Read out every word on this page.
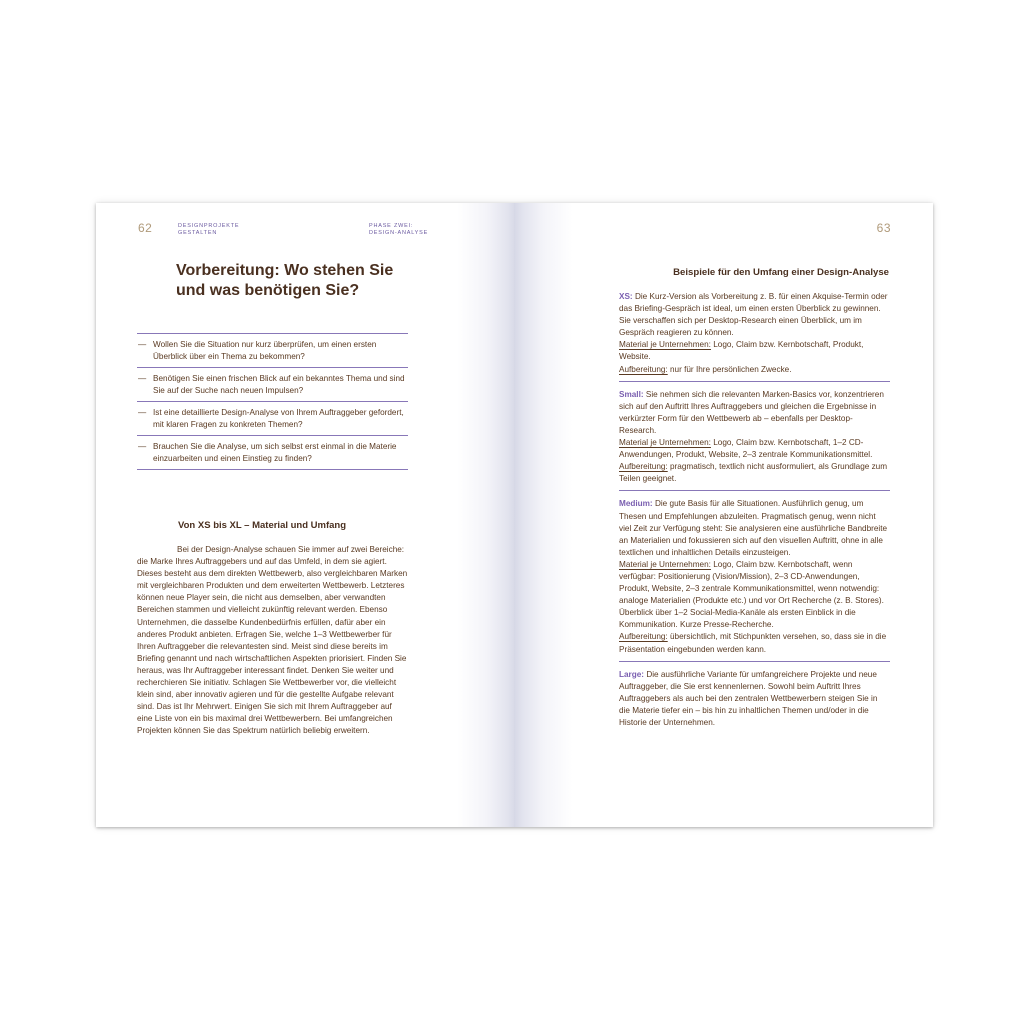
62	DESIGNPROJEKTE
GESTALTEN
PHASE ZWEI:
DESIGN-ANALYSE
Vorbereitung: Wo stehen Sie
und was benötigen Sie?
— Wollen Sie die Situation nur kurz überprüfen, um einen ersten Überblick über ein Thema zu bekommen?
— Benötigen Sie einen frischen Blick auf ein bekanntes Thema und sind Sie auf der Suche nach neuen Impulsen?
— Ist eine detaillierte Design-Analyse von Ihrem Auftraggeber gefordert, mit klaren Fragen zu konkreten Themen?
— Brauchen Sie die Analyse, um sich selbst erst einmal in die Materie einzuarbeiten und einen Einstieg zu finden?
Von XS bis XL – Material und Umfang
Bei der Design-Analyse schauen Sie immer auf zwei Bereiche: die Marke Ihres Auftraggebers und auf das Umfeld, in dem sie agiert. Dieses besteht aus dem direkten Wettbewerb, also vergleichbaren Marken mit vergleichbaren Produkten und dem erweiterten Wettbewerb. Letzteres können neue Player sein, die nicht aus demselben, aber verwandten Bereichen stammen und vielleicht zukünftig relevant werden. Ebenso Unternehmen, die dasselbe Kundenbedürfnis erfüllen, dafür aber ein anderes Produkt anbieten. Erfragen Sie, welche 1–3 Wettbewerber für Ihren Auftraggeber die relevantesten sind. Meist sind diese bereits im Briefing genannt und nach wirtschaftlichen Aspekten priorisiert. Finden Sie heraus, was Ihr Auftraggeber interessant findet. Denken Sie weiter und recherchieren Sie initiativ. Schlagen Sie Wettbewerber vor, die vielleicht klein sind, aber innovativ agieren und für die gestellte Aufgabe relevant sind. Das ist Ihr Mehrwert. Einigen Sie sich mit Ihrem Auftraggeber auf eine Liste von ein bis maximal drei Wettbewerbern. Bei umfangreichen Projekten können Sie das Spektrum natürlich beliebig erweitern.
63
Beispiele für den Umfang einer Design-Analyse
XS: Die Kurz-Version als Vorbereitung z. B. für einen Akquise-Termin oder das Briefing-Gespräch ist ideal, um einen ersten Überblick zu gewinnen. Sie verschaffen sich per Desktop-Research einen Überblick, um im Gespräch reagieren zu können.
Material je Unternehmen: Logo, Claim bzw. Kernbotschaft, Produkt, Website.
Aufbereitung: nur für Ihre persönlichen Zwecke.
Small: Sie nehmen sich die relevanten Marken-Basics vor, konzentrieren sich auf den Auftritt Ihres Auftraggebers und gleichen die Ergebnisse in verkürzter Form für den Wettbewerb ab – ebenfalls per Desktop-Research.
Material je Unternehmen: Logo, Claim bzw. Kernbotschaft, 1–2 CD-Anwendungen, Produkt, Website, 2–3 zentrale Kommunikationsmittel.
Aufbereitung: pragmatisch, textlich nicht ausformuliert, als Grundlage zum Teilen geeignet.
Medium: Die gute Basis für alle Situationen. Ausführlich genug, um Thesen und Empfehlungen abzuleiten. Pragmatisch genug, wenn nicht viel Zeit zur Verfügung steht: Sie analysieren eine ausführliche Bandbreite an Materialien und fokussieren sich auf den visuellen Auftritt, ohne in alle textlichen und inhaltlichen Details einzusteigen.
Material je Unternehmen: Logo, Claim bzw. Kernbotschaft, wenn verfügbar: Positionierung (Vision/Mission), 2–3 CD-Anwendungen, Produkt, Website, 2–3 zentrale Kommunikationsmittel, wenn notwendig: analoge Materialien (Produkte etc.) und vor Ort Recherche (z. B. Stores). Überblick über 1–2 Social-Media-Kanäle als ersten Einblick in die Kommunikation. Kurze Presse-Recherche.
Aufbereitung: übersichtlich, mit Stichpunkten versehen, so, dass sie in die Präsentation eingebunden werden kann.
Large: Die ausführliche Variante für umfangreichere Projekte und neue Auftraggeber, die Sie erst kennenlernen. Sowohl beim Auftritt Ihres Auftraggebers als auch bei den zentralen Wettbewerbern steigen Sie in die Materie tiefer ein – bis hin zu inhaltlichen Themen und/oder in die Historie der Unternehmen.
